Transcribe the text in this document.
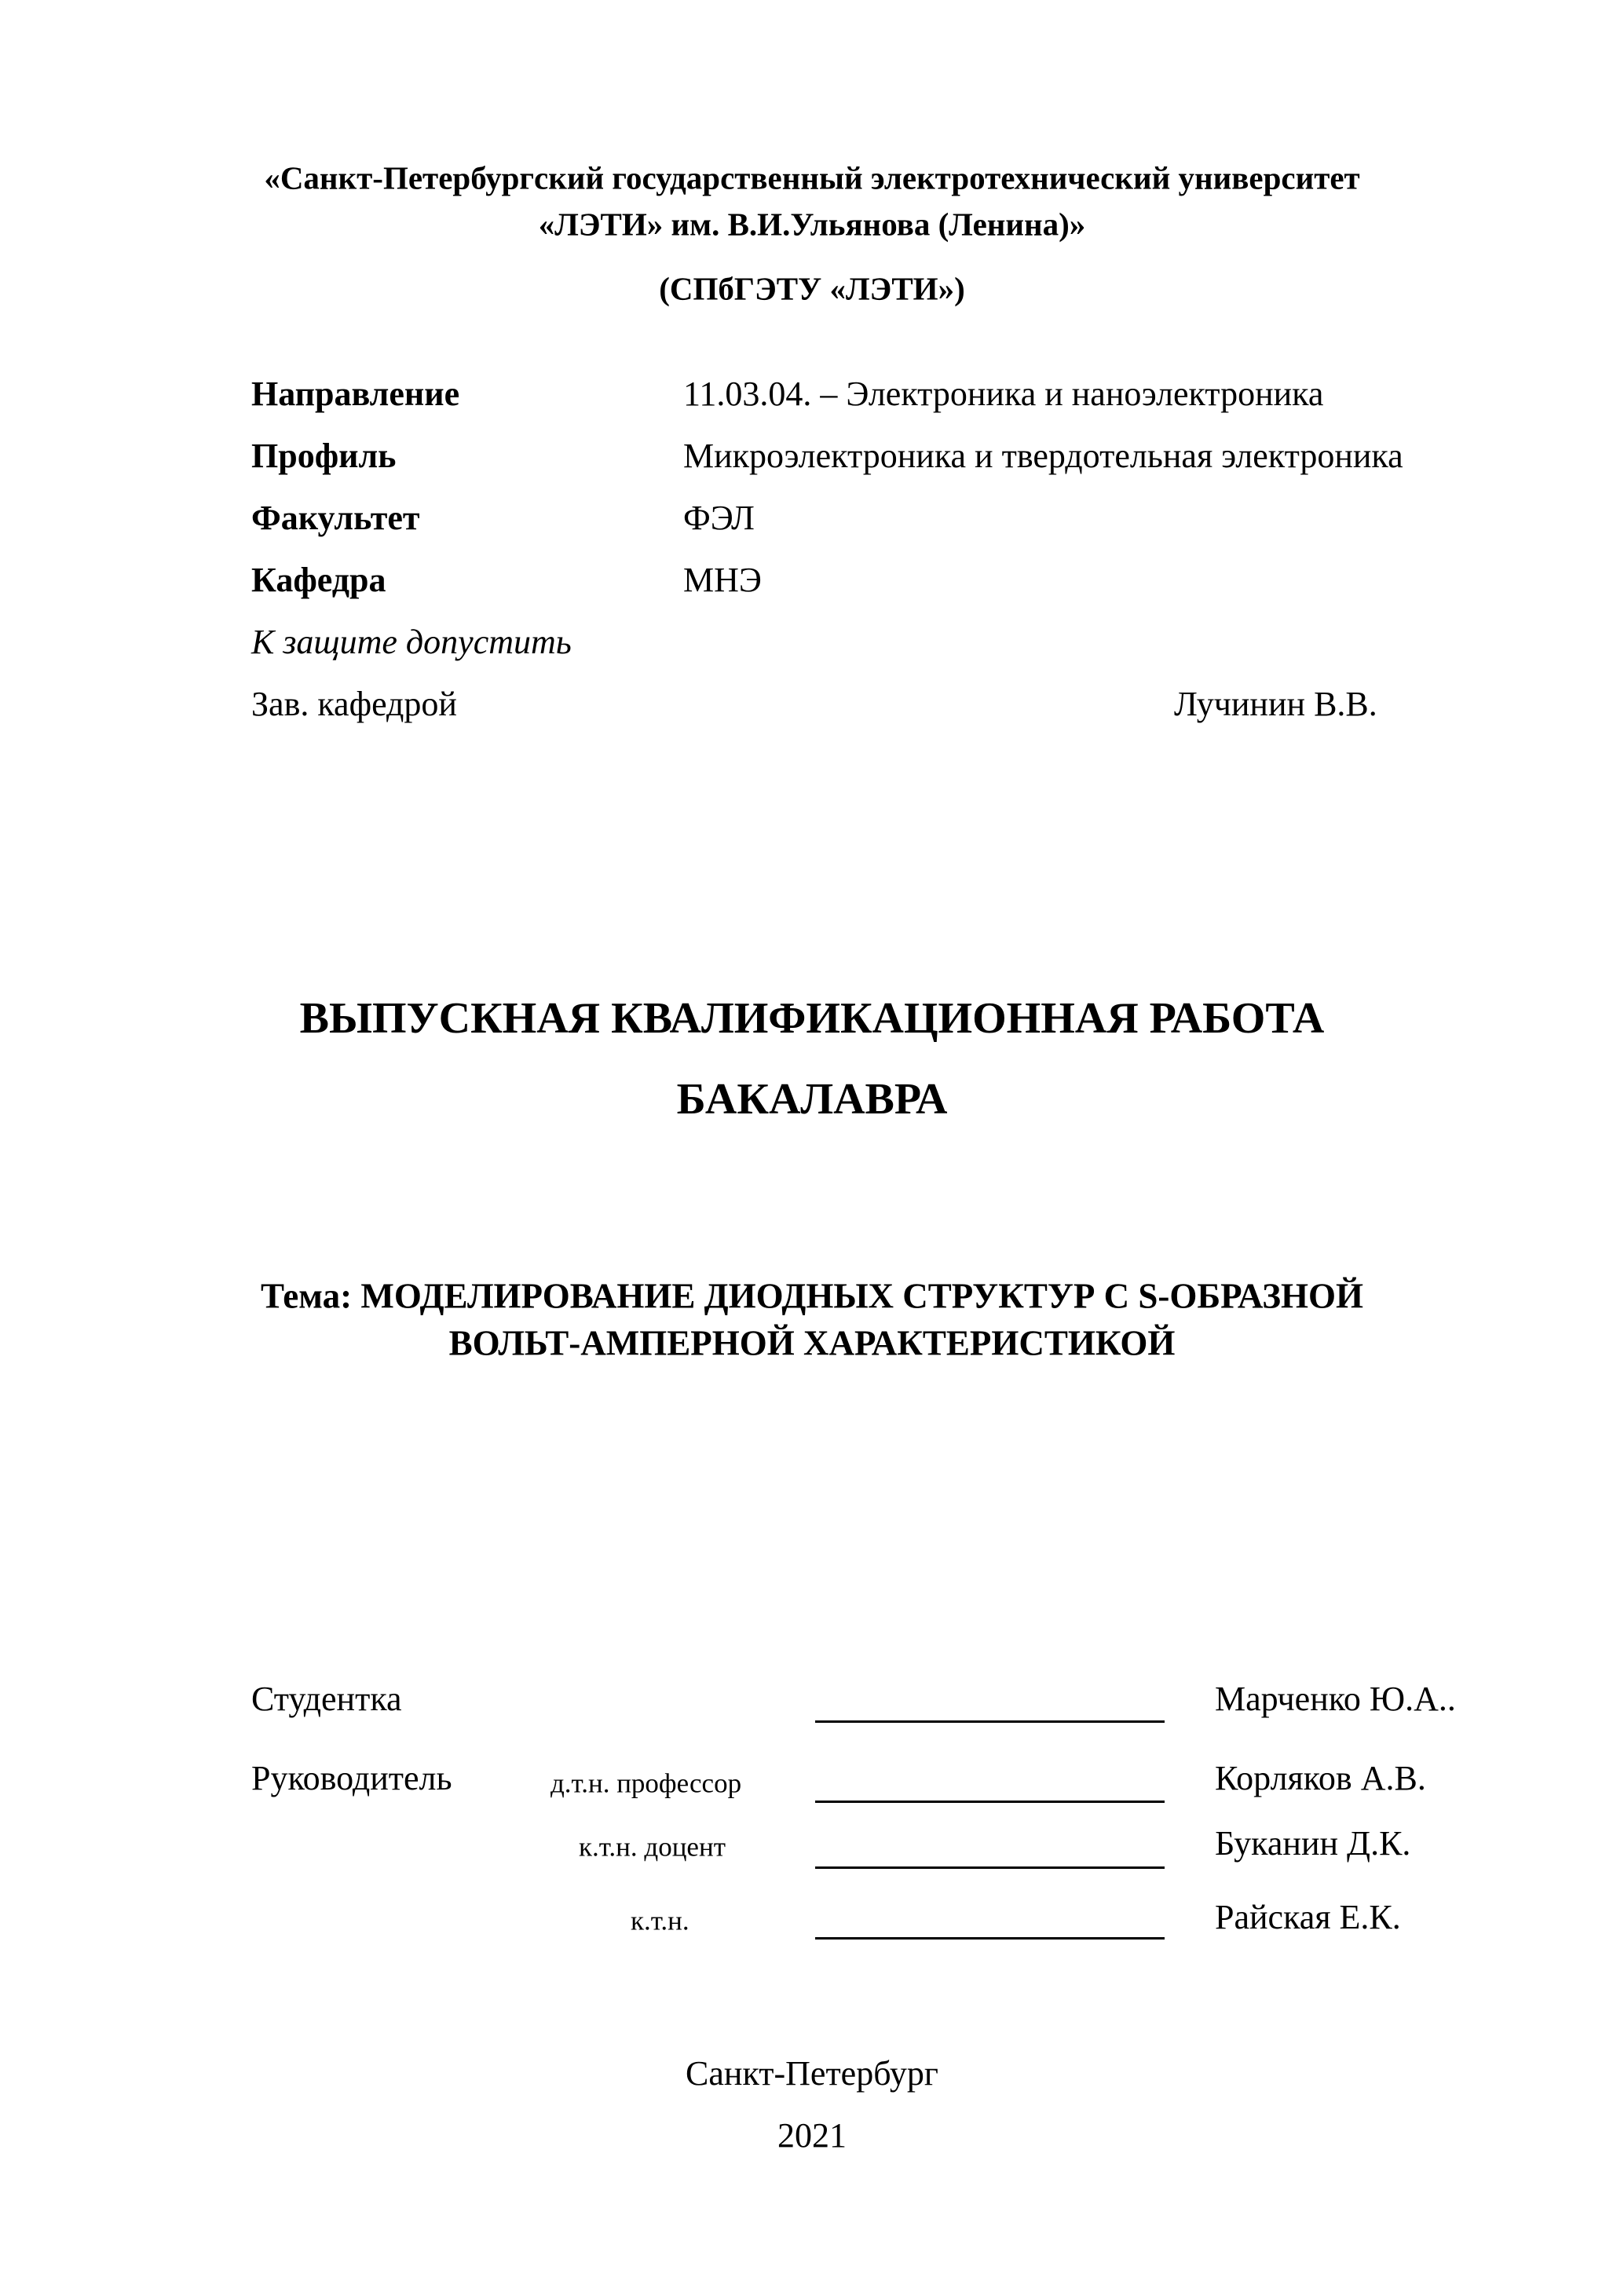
«Санкт-Петербургский государственный электротехнический университет
«ЛЭТИ» им. В.И.Ульянова (Ленина)»
(СПбГЭТУ «ЛЭТИ»)
Направление	11.03.04. – Электроника и наноэлектроника
Профиль	Микроэлектроника и твердотельная электроника
Факультет	ФЭЛ
Кафедра	МНЭ
К защите допустить
Зав. кафедрой	Лучинин В.В.
ВЫПУСКНАЯ КВАЛИФИКАЦИОННАЯ РАБОТА
БАКАЛАВРА
Тема: МОДЕЛИРОВАНИЕ ДИОДНЫХ СТРУКТУР С S-ОБРАЗНОЙ
ВОЛЬТ-АМПЕРНОЙ ХАРАКТЕРИСТИКОЙ
Студентка	Марченко Ю.А..
Руководитель	д.т.н. профессор	Корляков А.В.
к.т.н. доцент	Буканин Д.К.
к.т.н.	Райская Е.К.
Санкт-Петербург
2021
